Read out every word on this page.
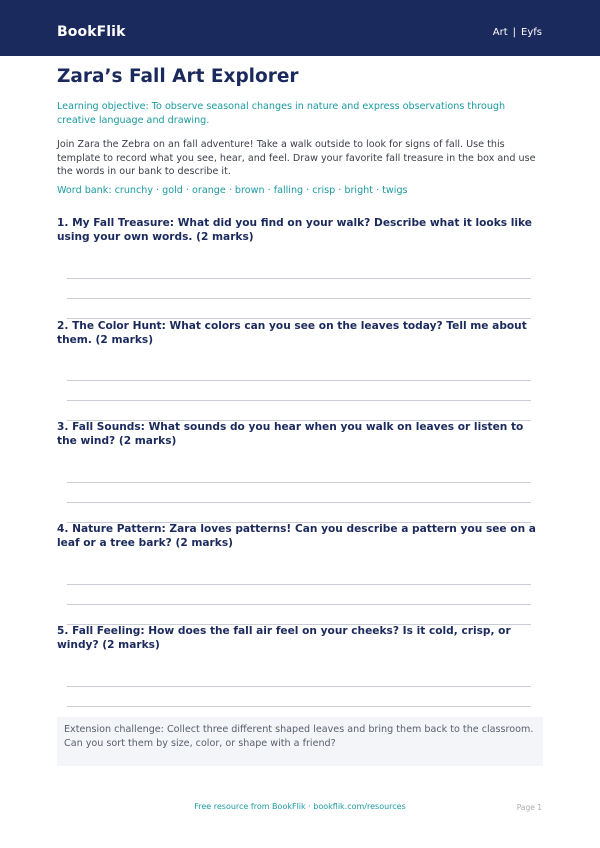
BookFlik	Art | Eyfs
Zara’s Fall Art Explorer
Learning objective: To observe seasonal changes in nature and express observations through creative language and drawing.
Join Zara the Zebra on an fall adventure! Take a walk outside to look for signs of fall. Use this template to record what you see, hear, and feel. Draw your favorite fall treasure in the box and use the words in our bank to describe it.
Word bank: crunchy · gold · orange · brown · falling · crisp · bright · twigs
1. My Fall Treasure: What did you find on your walk? Describe what it looks like using your own words. (2 marks)
2. The Color Hunt: What colors can you see on the leaves today? Tell me about them. (2 marks)
3. Fall Sounds: What sounds do you hear when you walk on leaves or listen to the wind? (2 marks)
4. Nature Pattern: Zara loves patterns! Can you describe a pattern you see on a leaf or a tree bark? (2 marks)
5. Fall Feeling: How does the fall air feel on your cheeks? Is it cold, crisp, or windy? (2 marks)
Extension challenge: Collect three different shaped leaves and bring them back to the classroom. Can you sort them by size, color, or shape with a friend?
Free resource from BookFlik · bookflik.com/resources	Page 1
